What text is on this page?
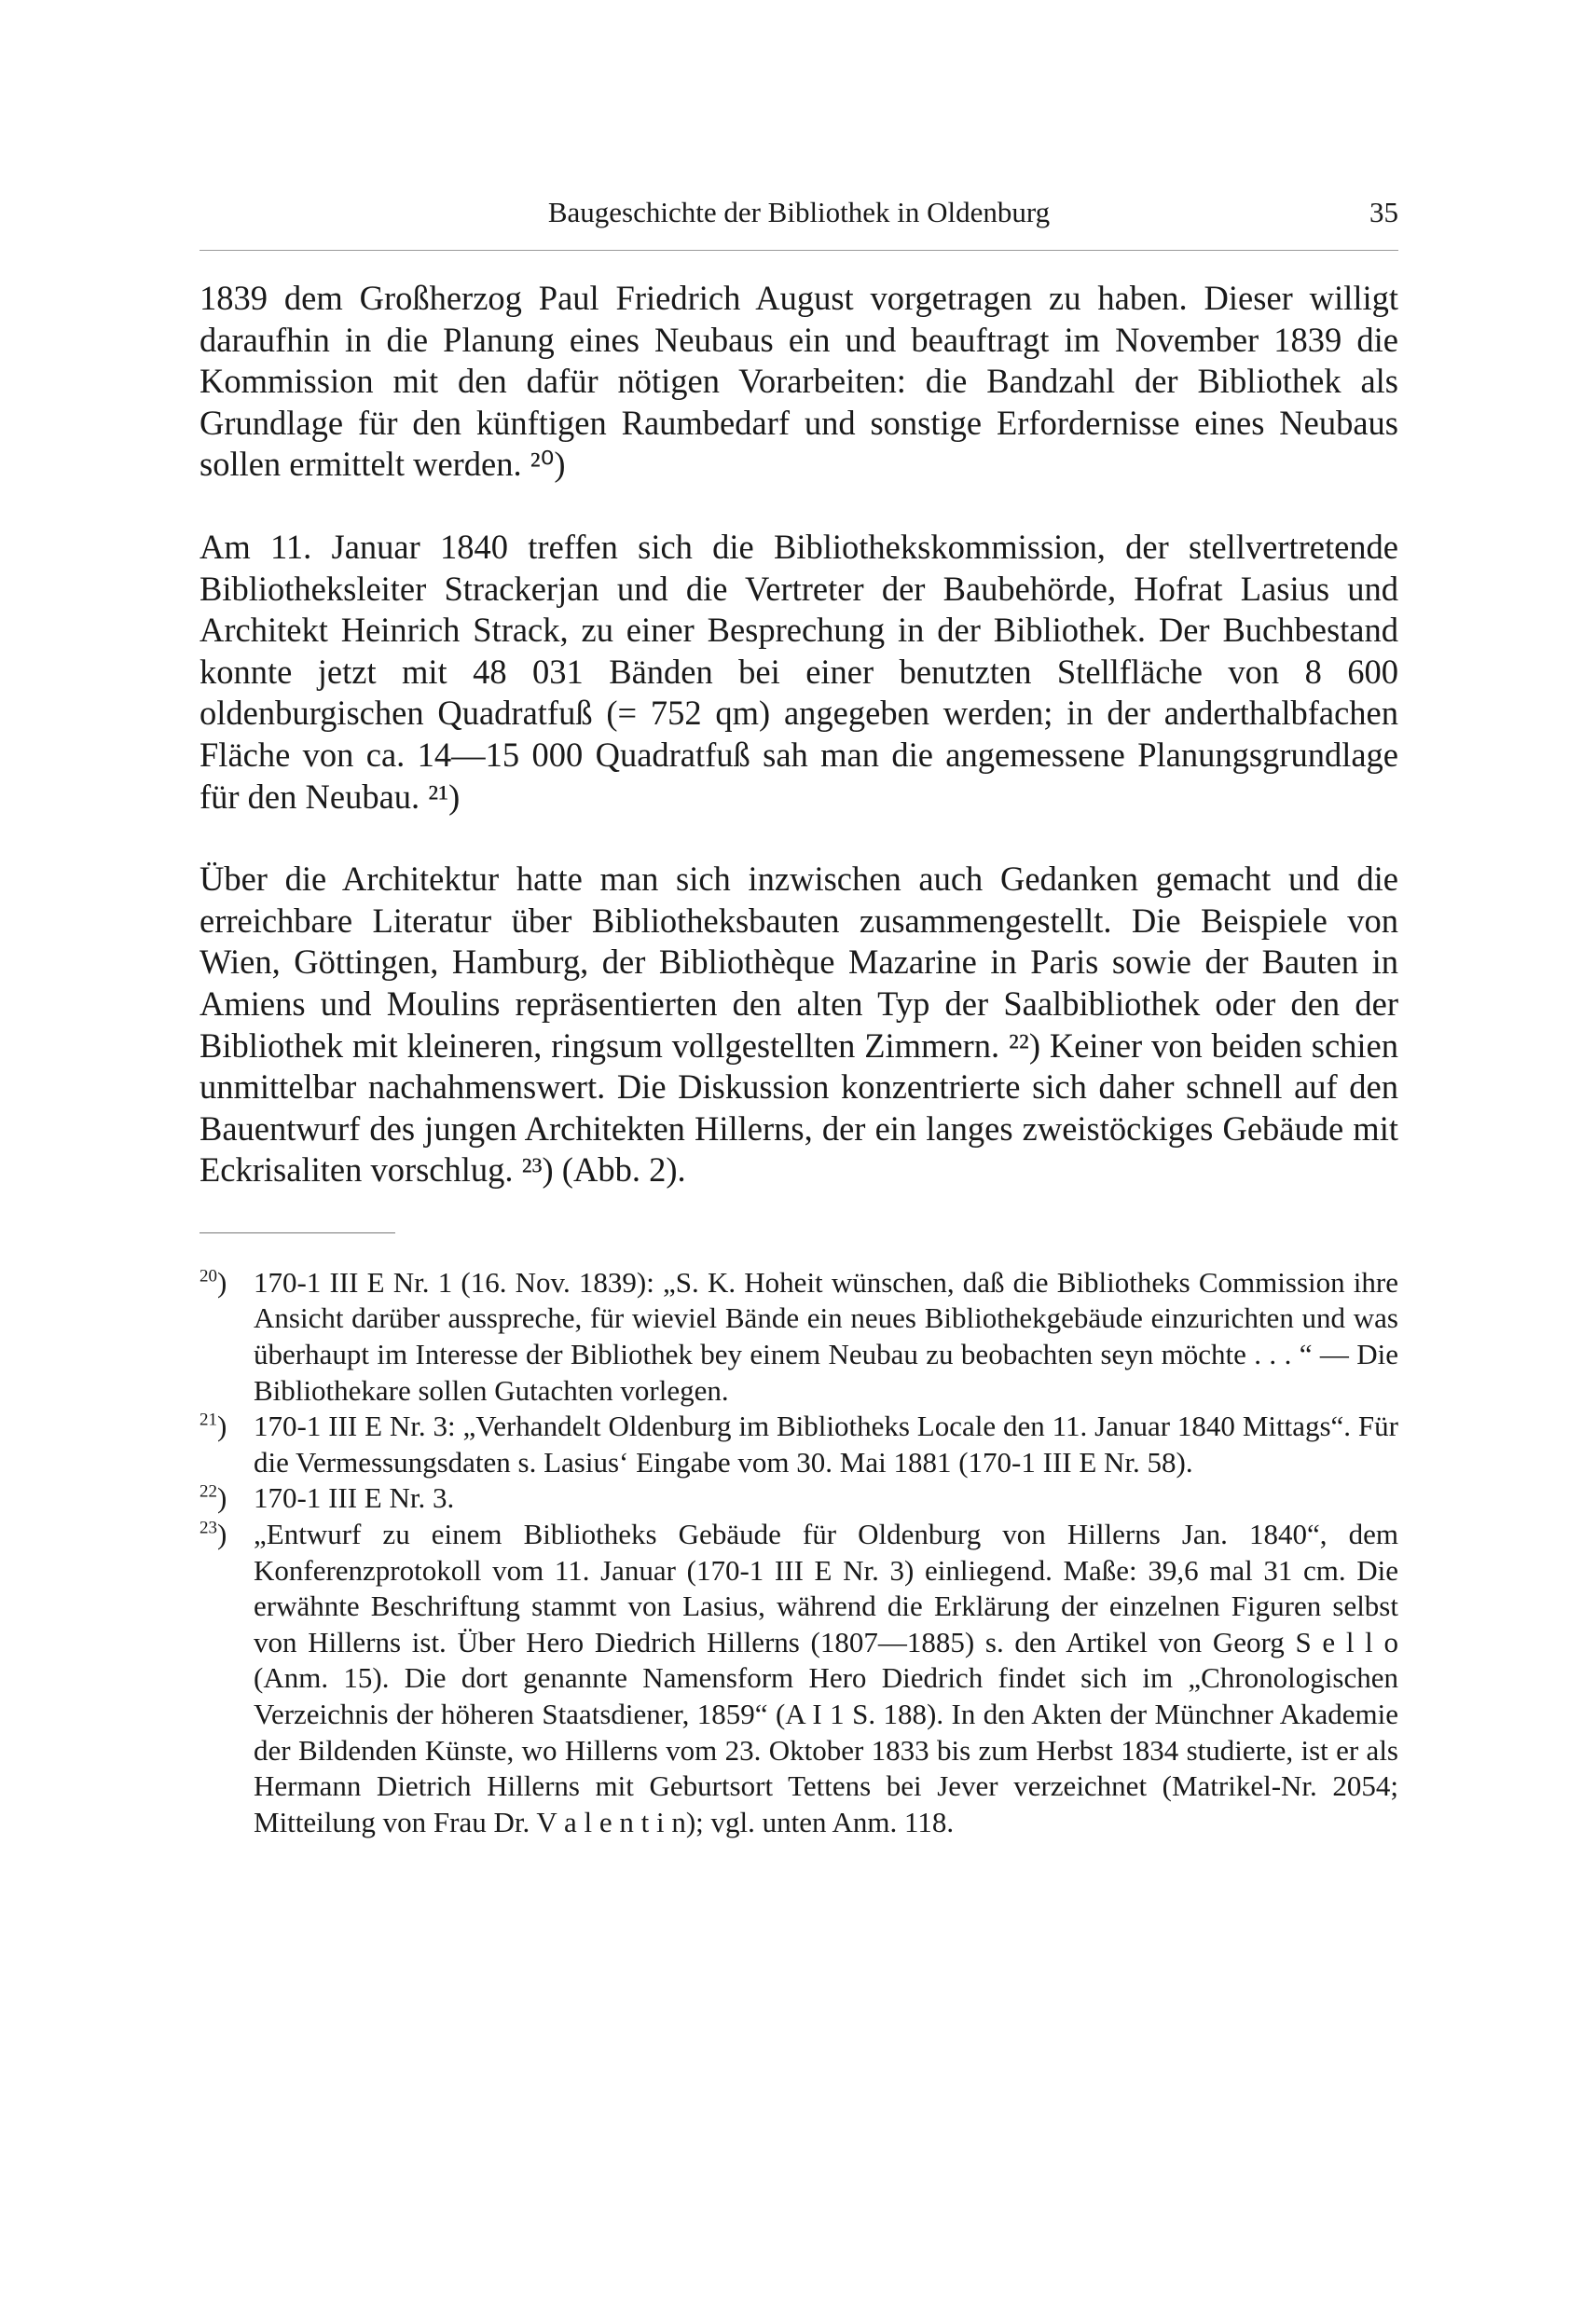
Baugeschichte der Bibliothek in Oldenburg	35

1839 dem Großherzog Paul Friedrich August vorgetragen zu haben. Dieser willigt daraufhin in die Planung eines Neubaus ein und beauftragt im November 1839 die Kommission mit den dafür nötigen Vorarbeiten: die Bandzahl der Bibliothek als Grundlage für den künftigen Raumbedarf und sonstige Erfordernisse eines Neubaus sollen ermittelt werden. ²⁰)

Am 11. Januar 1840 treffen sich die Bibliothekskommission, der stellvertretende Bibliotheksleiter Strackerjan und die Vertreter der Baubehörde, Hofrat Lasius und Architekt Heinrich Strack, zu einer Besprechung in der Bibliothek. Der Buchbestand konnte jetzt mit 48 031 Bänden bei einer benutzten Stellfläche von 8 600 oldenburgischen Quadratfuß (= 752 qm) angegeben werden; in der anderthalbfachen Fläche von ca. 14—15 000 Quadratfuß sah man die angemessene Planungsgrundlage für den Neubau. ²¹)

Über die Architektur hatte man sich inzwischen auch Gedanken gemacht und die erreichbare Literatur über Bibliotheksbauten zusammengestellt. Die Beispiele von Wien, Göttingen, Hamburg, der Bibliothèque Mazarine in Paris sowie der Bauten in Amiens und Moulins repräsentierten den alten Typ der Saalbibliothek oder den der Bibliothek mit kleineren, ringsum vollgestellten Zimmern. ²²) Keiner von beiden schien unmittelbar nachahmenswert. Die Diskussion konzentrierte sich daher schnell auf den Bauentwurf des jungen Architekten Hillerns, der ein langes zweistöckiges Gebäude mit Eckrisaliten vorschlug. ²³) (Abb. 2).

$^{20}$) 170-1 III E Nr. 1 (16. Nov. 1839): „S. K. Hoheit wünschen, daß die Bibliotheks Commission ihre Ansicht darüber ausspreche, für wieviel Bände ein neues Bibliothekgebäude einzurichten und was überhaupt im Interesse der Bibliothek bey einem Neubau zu beobachten seyn möchte . . . “ — Die Bibliothekare sollen Gutachten vorlegen.
$^{21}$) 170-1 III E Nr. 3: „Verhandelt Oldenburg im Bibliotheks Locale den 11. Januar 1840 Mittags“. Für die Vermessungsdaten s. Lasius‘ Eingabe vom 30. Mai 1881 (170-1 III E Nr. 58).
$^{22}$) 170-1 III E Nr. 3.
$^{23}$) „Entwurf zu einem Bibliotheks Gebäude für Oldenburg von Hillerns Jan. 1840“, dem Konferenzprotokoll vom 11. Januar (170-1 III E Nr. 3) einliegend. Maße: 39,6 mal 31 cm. Die erwähnte Beschriftung stammt von Lasius, während die Erklärung der einzelnen Figuren selbst von Hillerns ist. Über Hero Diedrich Hillerns (1807—1885) s. den Artikel von Georg S e l l o (Anm. 15). Die dort genannte Namensform Hero Diedrich findet sich im „Chronologischen Verzeichnis der höheren Staatsdiener, 1859“ (A I 1 S. 188). In den Akten der Münchner Akademie der Bildenden Künste, wo Hillerns vom 23. Oktober 1833 bis zum Herbst 1834 studierte, ist er als Hermann Dietrich Hillerns mit Geburtsort Tettens bei Jever verzeichnet (Matrikel-Nr. 2054; Mitteilung von Frau Dr. V a l e n t i n); vgl. unten Anm. 118.
